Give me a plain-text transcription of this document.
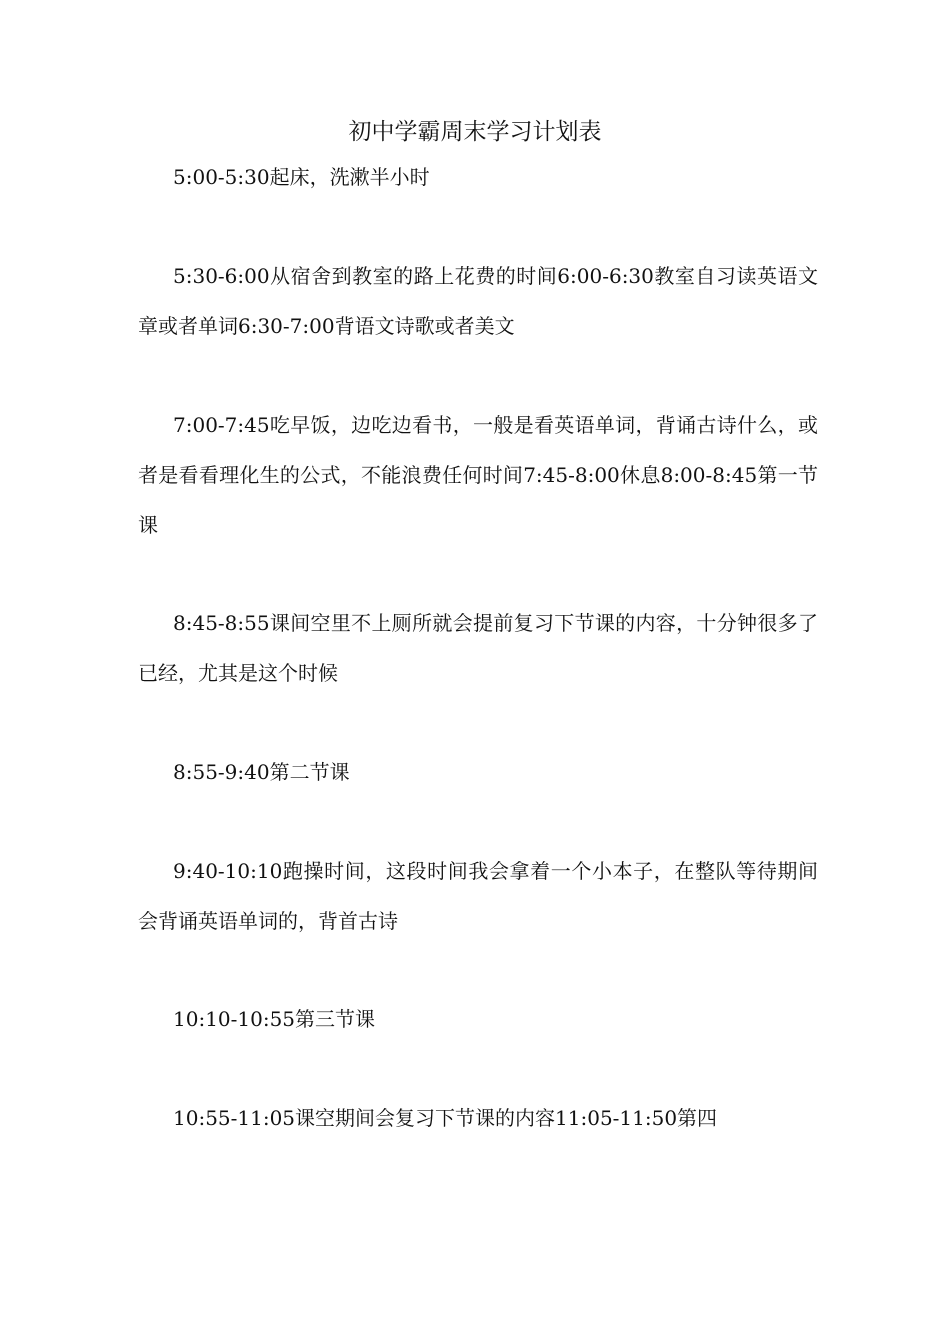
初中学霸周末学习计划表

5:00-5:30起床，洗漱半小时

5:30-6:00从宿舍到教室的路上花费的时间6:00-6:30教室自习读英语文章或者单词6:30-7:00背语文诗歌或者美文

7:00-7:45吃早饭，边吃边看书，一般是看英语单词，背诵古诗什么，或者是看看理化生的公式，不能浪费任何时间7:45-8:00休息8:00-8:45第一节课

8:45-8:55课间空里不上厕所就会提前复习下节课的内容，十分钟很多了已经，尤其是这个时候

8:55-9:40第二节课

9:40-10:10跑操时间，这段时间我会拿着一个小本子，在整队等待期间会背诵英语单词的，背首古诗

10:10-10:55第三节课

10:55-11:05课空期间会复习下节课的内容11:05-11:50第四
